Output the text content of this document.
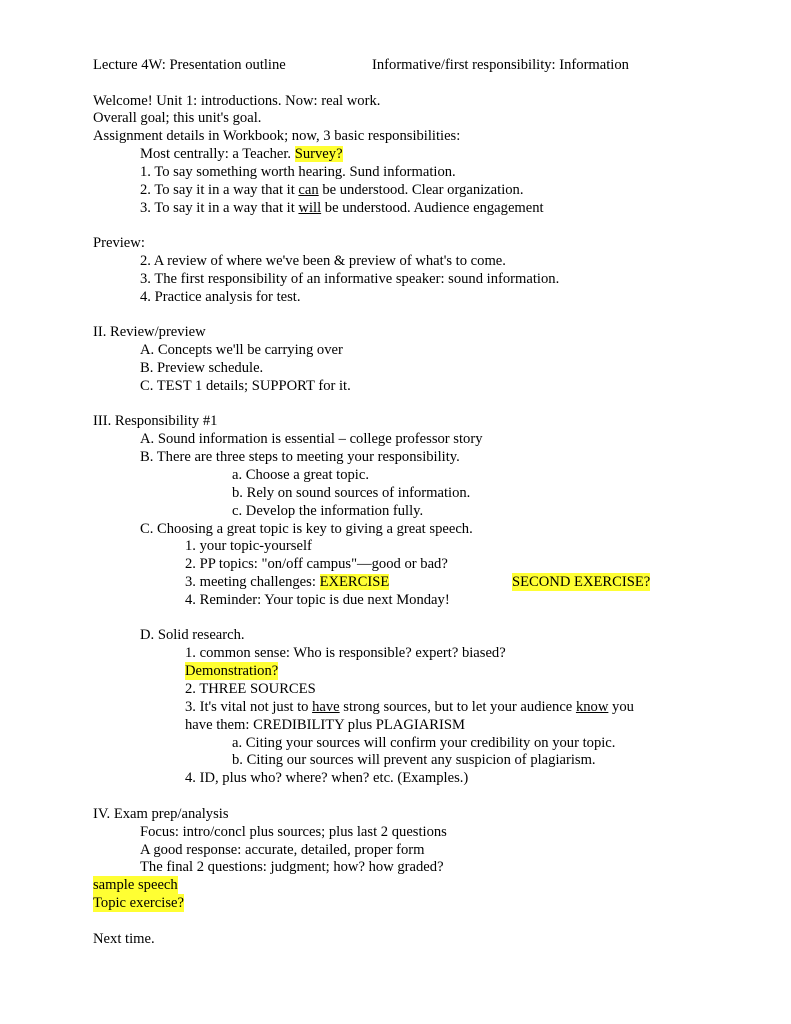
Lecture 4W: Presentation outline	Informative/first responsibility: Information
Welcome! Unit 1: introductions. Now: real work.
Overall goal; this unit's goal.
Assignment details in Workbook; now, 3 basic responsibilities:
Most centrally: a Teacher. Survey?
1. To say something worth hearing. Sund information.
2. To say it in a way that it can be understood. Clear organization.
3. To say it in a way that it will be understood. Audience engagement
Preview:
2. A review of where we've been & preview of what's to come.
3. The first responsibility of an informative speaker: sound information.
4. Practice analysis for test.
II. Review/preview
A. Concepts we'll be carrying over
B. Preview schedule.
C. TEST 1 details; SUPPORT for it.
III. Responsibility #1
A. Sound information is essential – college professor story
B. There are three steps to meeting your responsibility.
a. Choose a great topic.
b. Rely on sound sources of information.
c. Develop the information fully.
C. Choosing a great topic is key to giving a great speech.
1. your topic-yourself
2. PP topics: "on/off campus"—good or bad?
3. meeting challenges: EXERCISE	SECOND EXERCISE?
4. Reminder: Your topic is due next Monday!
D. Solid research.
1. common sense: Who is responsible? expert? biased?
Demonstration?
2. THREE SOURCES
3. It's vital not just to have strong sources, but to let your audience know you
have them: CREDIBILITY plus PLAGIARISM
a. Citing your sources will confirm your credibility on your topic.
b. Citing our sources will prevent any suspicion of plagiarism.
4. ID, plus who? where? when? etc. (Examples.)
IV. Exam prep/analysis
Focus: intro/concl plus sources; plus last 2 questions
A good response: accurate, detailed, proper form
The final 2 questions: judgment; how? how graded?
sample speech
Topic exercise?
Next time.
